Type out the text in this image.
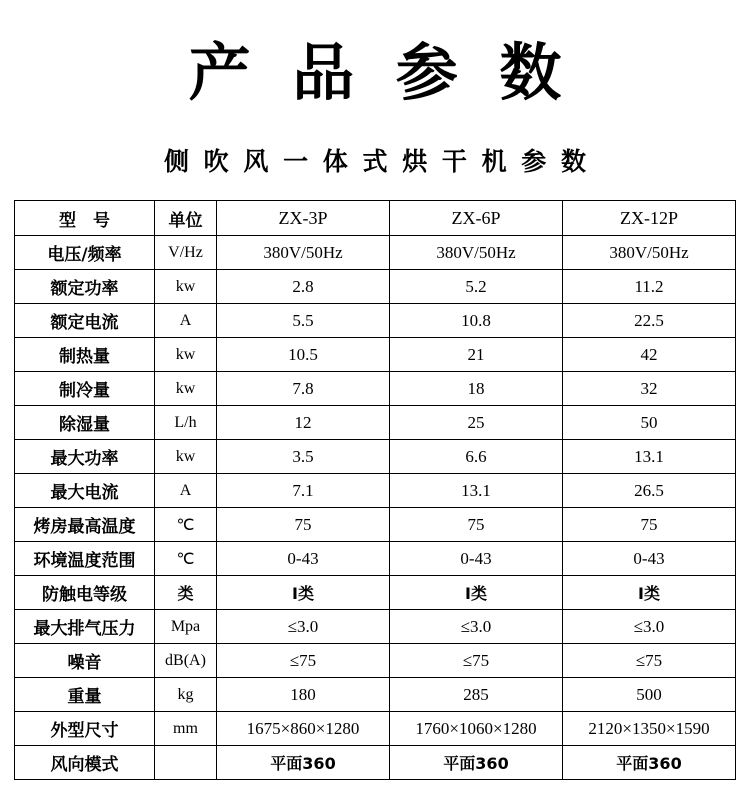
产 品 参 数
侧 吹 风 一 体 式 烘 干 机 参 数
型　号	单位	ZX-3P	ZX-6P	ZX-12P
电压/频率	V/Hz	380V/50Hz	380V/50Hz	380V/50Hz
额定功率	kw	2.8	5.2	11.2
额定电流	A	5.5	10.8	22.5
制热量	kw	10.5	21	42
制冷量	kw	7.8	18	32
除湿量	L/h	12	25	50
最大功率	kw	3.5	6.6	13.1
最大电流	A	7.1	13.1	26.5
烤房最高温度	℃	75	75	75
环境温度范围	℃	0-43	0-43	0-43
防触电等级	类	Ⅰ类	Ⅰ类	Ⅰ类
最大排气压力	Mpa	≤3.0	≤3.0	≤3.0
噪音	dB(A)	≤75	≤75	≤75
重量	kg	180	285	500
外型尺寸	mm	1675×860×1280	1760×1060×1280	2120×1350×1590
风向模式		平面360	平面360	平面360
